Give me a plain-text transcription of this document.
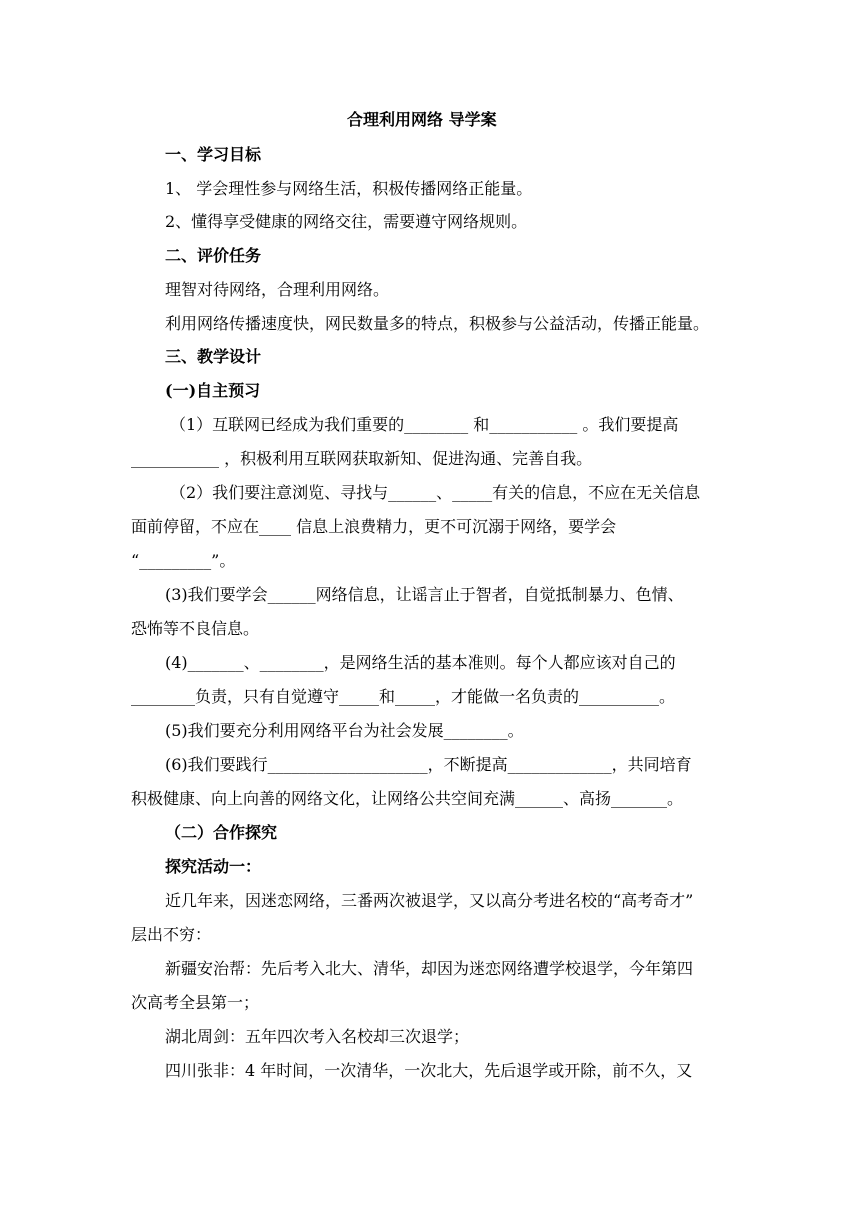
合理利用网络 导学案
一、学习目标
1、 学会理性参与网络生活，积极传播网络正能量。
2、懂得享受健康的网络交往，需要遵守网络规则。
二、评价任务
理智对待网络，合理利用网络。
利用网络传播速度快，网民数量多的特点，积极参与公益活动，传播正能量。
三、教学设计
(一)自主预习
（1）互联网已经成为我们重要的________ 和___________ 。我们要提高
___________ ，积极利用互联网获取新知、促进沟通、完善自我。
（2）我们要注意浏览、寻找与______、_____有关的信息，不应在无关信息
面前停留，不应在____ 信息上浪费精力，更不可沉溺于网络，要学会
“_________”。
(3)我们要学会______网络信息，让谣言止于智者，自觉抵制暴力、色情、
恐怖等不良信息。
(4)_______、________，是网络生活的基本准则。每个人都应该对自己的
________负责，只有自觉遵守_____和_____，才能做一名负责的__________。
(5)我们要充分利用网络平台为社会发展________。
(6)我们要践行____________________，不断提高_____________，共同培育
积极健康、向上向善的网络文化，让网络公共空间充满______、高扬_______。
（二）合作探究
探究活动一：
近几年来，因迷恋网络，三番两次被退学，又以高分考进名校的“高考奇才”
层出不穷：
新疆安治帮：先后考入北大、清华，却因为迷恋网络遭学校退学，今年第四
次高考全县第一；
湖北周剑：五年四次考入名校却三次退学；
四川张非：4 年时间，一次清华，一次北大，先后退学或开除，前不久，又
